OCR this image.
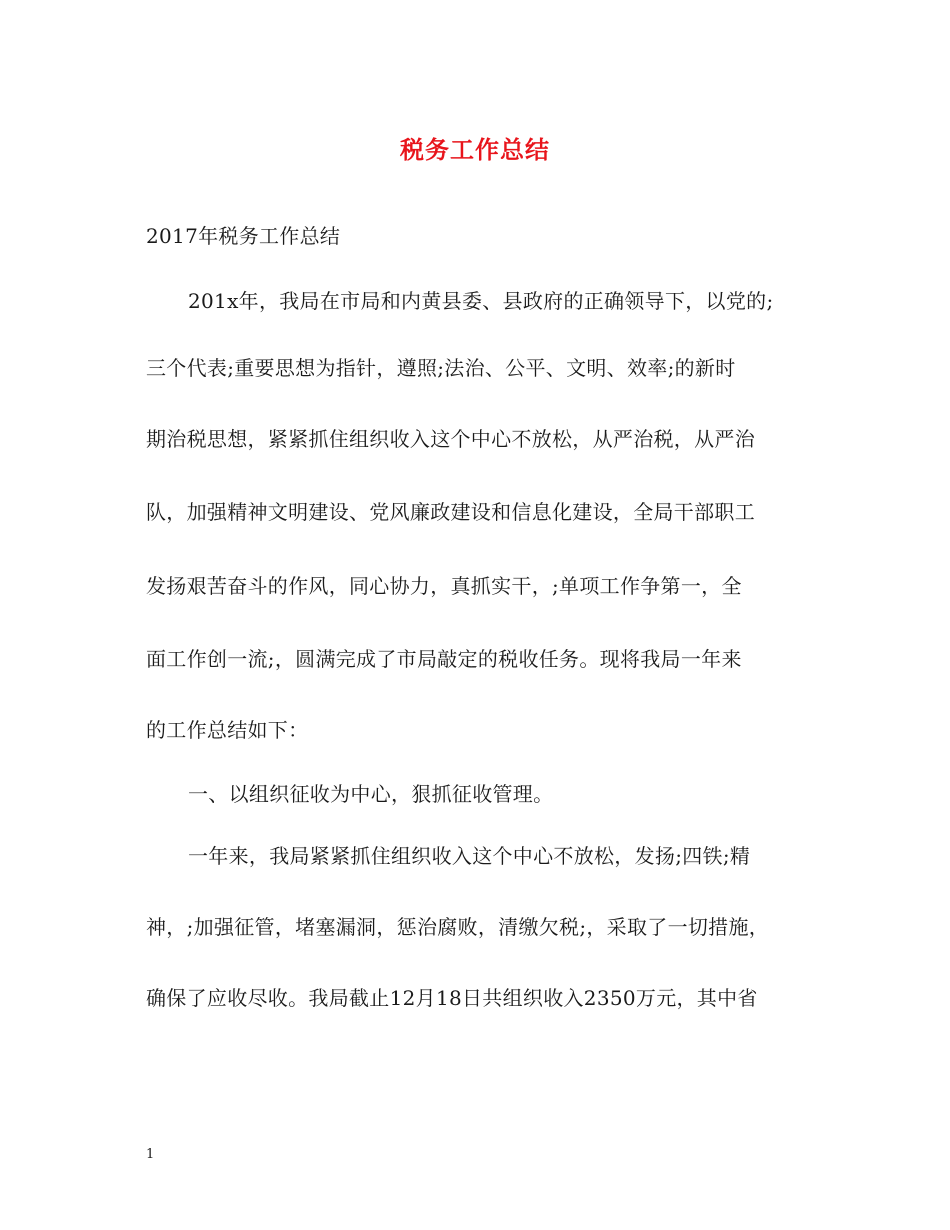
税务工作总结
2017年税务工作总结
201x年，我局在市局和内黄县委、县政府的正确领导下，以党的;
三个代表;重要思想为指针，遵照;法治、公平、文明、效率;的新时
期治税思想，紧紧抓住组织收入这个中心不放松，从严治税，从严治
队，加强精神文明建设、党风廉政建设和信息化建设，全局干部职工
发扬艰苦奋斗的作风，同心协力，真抓实干，;单项工作争第一，全
面工作创一流;，圆满完成了市局敲定的税收任务。现将我局一年来
的工作总结如下：
一、以组织征收为中心，狠抓征收管理。
一年来，我局紧紧抓住组织收入这个中心不放松，发扬;四铁;精
神，;加强征管，堵塞漏洞，惩治腐败，清缴欠税;，采取了一切措施，
确保了应收尽收。我局截止12月18日共组织收入2350万元，其中省
1
